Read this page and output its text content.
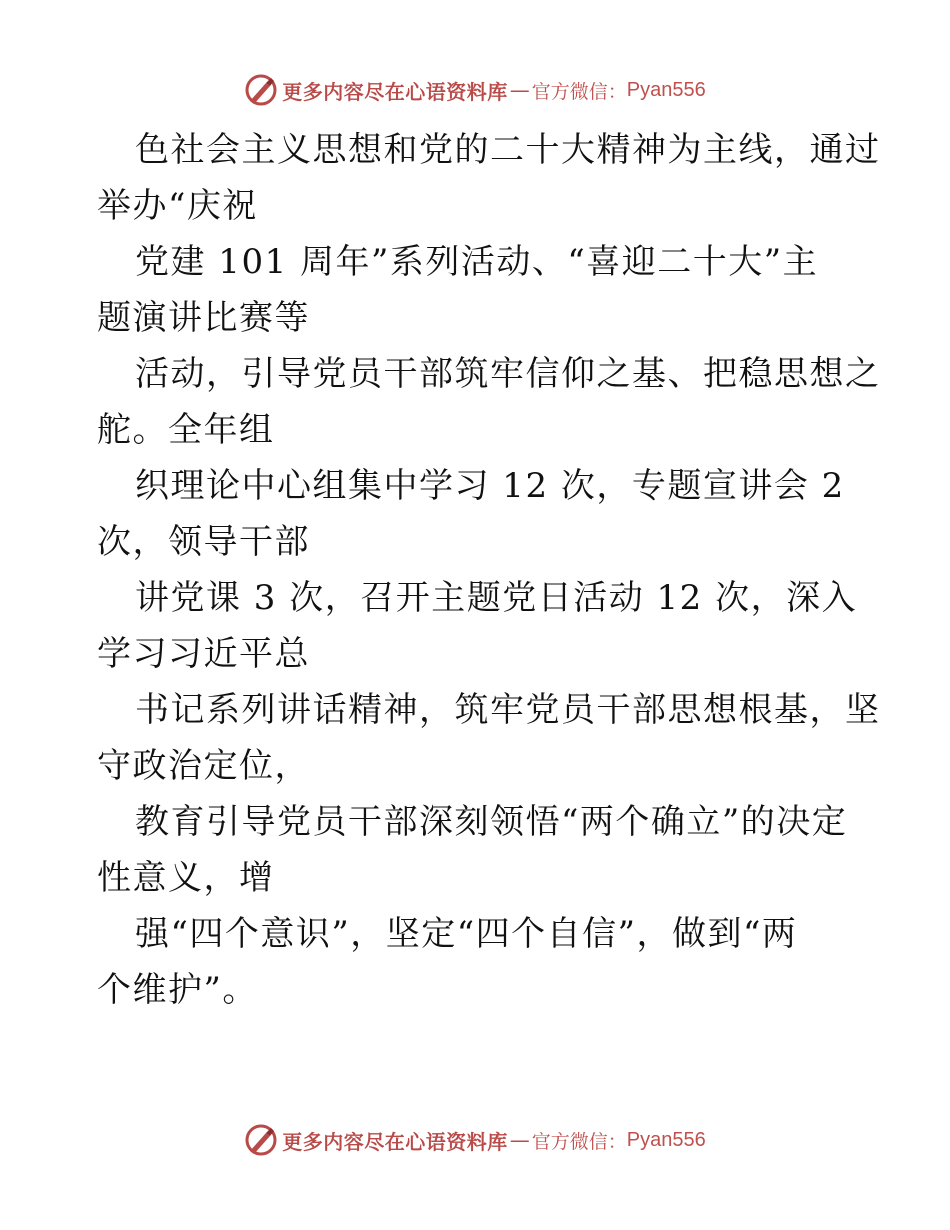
更多内容尽在心语资料库 — 官方微信： Pyan556
色社会主义思想和党的二十大精神为主线，通过
举办“庆祝
党建 101 周年”系列活动、“喜迎二十大”主
题演讲比赛等
活动，引导党员干部筑牢信仰之基、把稳思想之
舵。全年组
织理论中心组集中学习 12 次，专题宣讲会 2
次，领导干部
讲党课 3 次，召开主题党日活动 12 次，深入
学习习近平总
书记系列讲话精神，筑牢党员干部思想根基，坚
守政治定位，
教育引导党员干部深刻领悟“两个确立”的决定
性意义，增
强“四个意识”，坚定“四个自信”，做到“两
个维护”。
更多内容尽在心语资料库 — 官方微信： Pyan556
